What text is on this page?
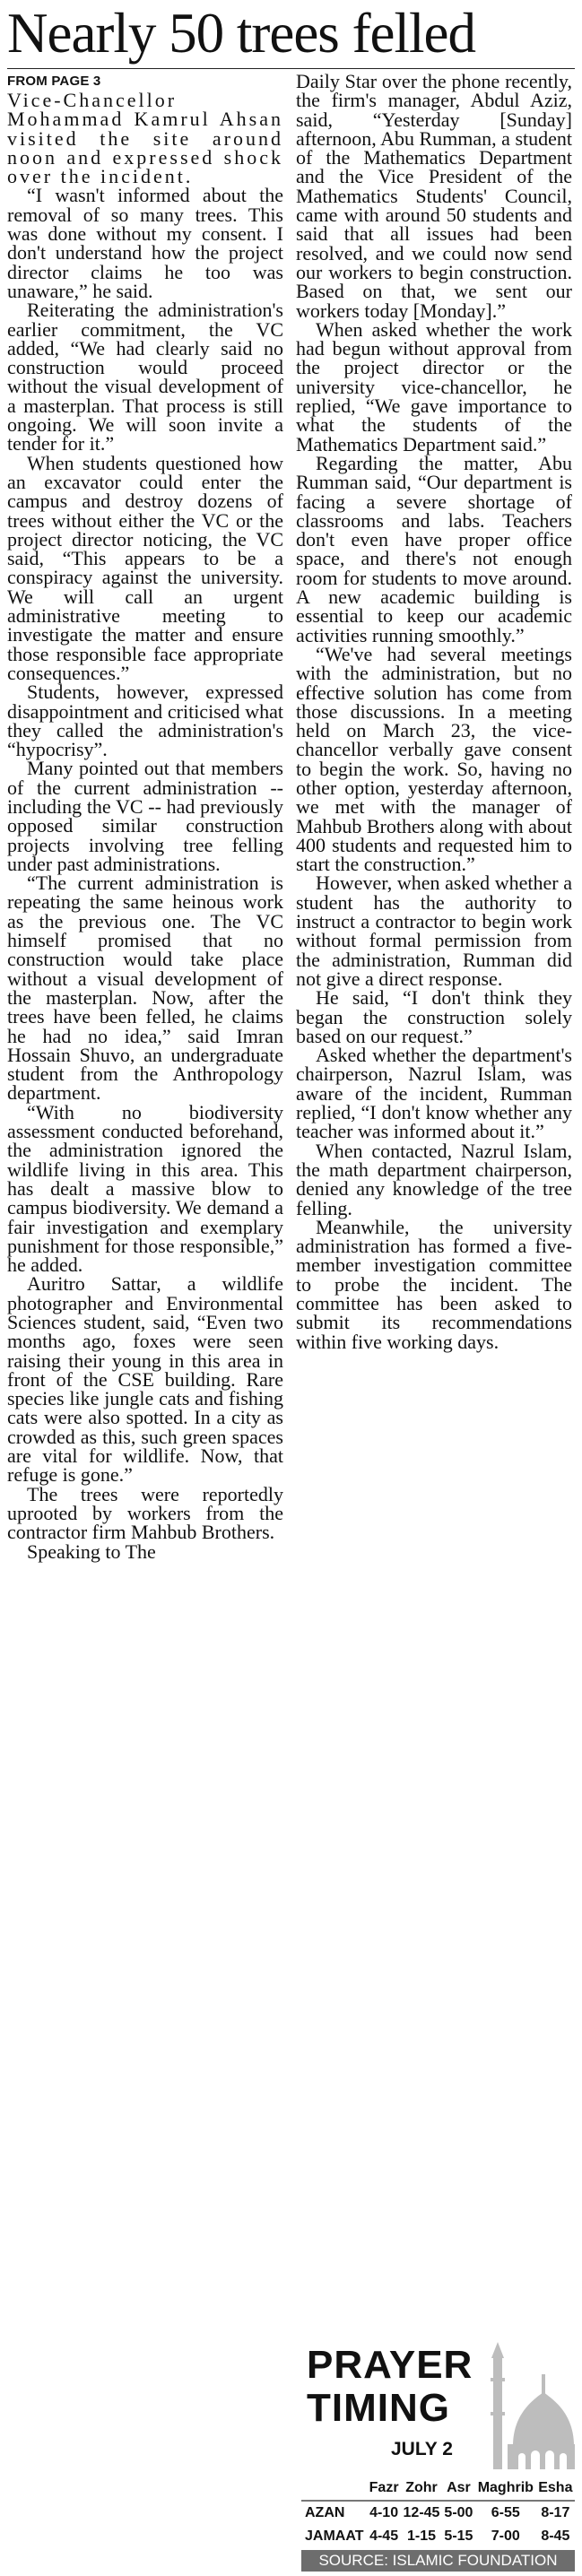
Nearly 50 trees felled
FROM PAGE 3

Vice-Chancellor Mohammad Kamrul Ahsan visited the site around noon and expressed shock over the incident.

“I wasn't informed about the removal of so many trees. This was done without my consent. I don't understand how the project director claims he too was unaware,” he said.

Reiterating the administration's earlier commitment, the VC added, “We had clearly said no construction would proceed without the visual development of a masterplan. That process is still ongoing. We will soon invite a tender for it.”

When students questioned how an excavator could enter the campus and destroy dozens of trees without either the VC or the project director noticing, the VC said, “This appears to be a conspiracy against the university. We will call an urgent administrative meeting to investigate the matter and ensure those responsible face appropriate consequences.”

Students, however, expressed disappointment and criticised what they called the administration's “hypocrisy”.

Many pointed out that members of the current administration -- including the VC -- had previously opposed similar construction projects involving tree felling under past administrations.

“The current administration is repeating the same heinous work as the previous one. The VC himself promised that no construction would take place without a visual development of the masterplan. Now, after the trees have been felled, he claims he had no idea,” said Imran Hossain Shuvo, an undergraduate student from the Anthropology department.

“With no biodiversity assessment conducted beforehand, the administration ignored the wildlife living in this area. This has dealt a massive blow to campus biodiversity. We demand a fair investigation and exemplary punishment for those responsible,” he added.

Auritro Sattar, a wildlife photographer and Environmental Sciences student, said, “Even two months ago, foxes were seen raising their young in this area in front of the CSE building. Rare species like jungle cats and fishing cats were also spotted. In a city as crowded as this, such green spaces are vital for wildlife. Now, that refuge is gone.”

The trees were reportedly uprooted by workers from the contractor firm Mahbub Brothers.

Speaking to The

Daily Star over the phone recently, the firm's manager, Abdul Aziz, said, “Yesterday [Sunday] afternoon, Abu Rumman, a student of the Mathematics Department and the Vice President of the Mathematics Students' Council, came with around 50 students and said that all issues had been resolved, and we could now send our workers to begin construction. Based on that, we sent our workers today [Monday].”

When asked whether the work had begun without approval from the project director or the university vice-chancellor, he replied, “We gave importance to what the students of the Mathematics Department said.”

Regarding the matter, Abu Rumman said, “Our department is facing a severe shortage of classrooms and labs. Teachers don't even have proper office space, and there's not enough room for students to move around. A new academic building is essential to keep our academic activities running smoothly.”

“We've had several meetings with the administration, but no effective solution has come from those discussions. In a meeting held on March 23, the vice-chancellor verbally gave consent to begin the work. So, having no other option, yesterday afternoon, we met with the manager of Mahbub Brothers along with about 400 students and requested him to start the construction.”

However, when asked whether a student has the authority to instruct a contractor to begin work without formal permission from the administration, Rumman did not give a direct response.

He said, “I don't think they began the construction solely based on our request.”

Asked whether the department's chairperson, Nazrul Islam, was aware of the incident, Rumman replied, “I don't know whether any teacher was informed about it.”

When contacted, Nazrul Islam, the math department chairperson, denied any knowledge of the tree felling.

Meanwhile, the university administration has formed a five-member investigation committee to probe the incident. The committee has been asked to submit its recommendations within five working days.

PRAYER
TIMING
JULY 2
	Fazr	Zohr	Asr	Maghrib	Esha
AZAN	4-10	12-45	5-00	6-55	8-17
JAMAAT	4-45	1-15	5-15	7-00	8-45
SOURCE: ISLAMIC FOUNDATION
